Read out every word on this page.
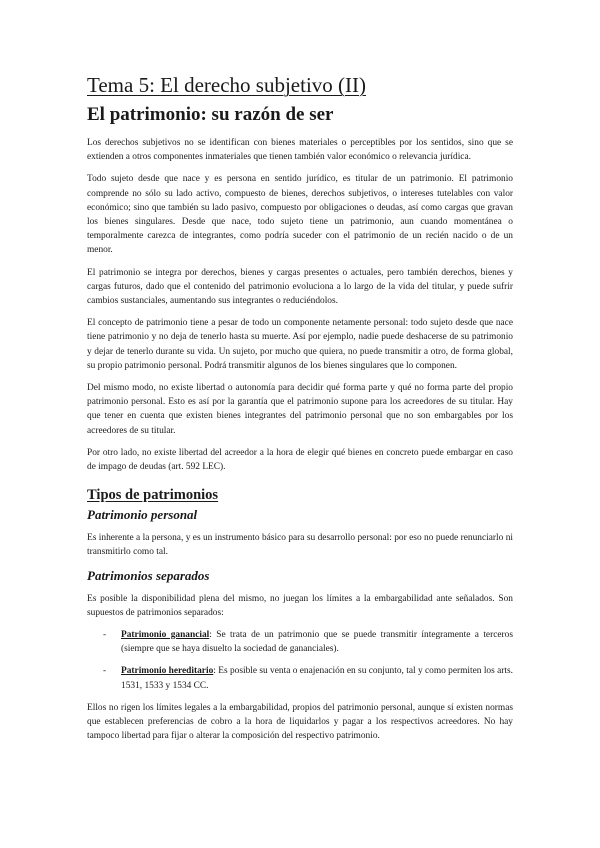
Tema 5: El derecho subjetivo (II)
El patrimonio: su razón de ser

Los derechos subjetivos no se identifican con bienes materiales o perceptibles por los sentidos, sino que se extienden a otros componentes inmateriales que tienen también valor económico o relevancia jurídica.

Todo sujeto desde que nace y es persona en sentido jurídico, es titular de un patrimonio. El patrimonio comprende no sólo su lado activo, compuesto de bienes, derechos subjetivos, o intereses tutelables con valor económico; sino que también su lado pasivo, compuesto por obligaciones o deudas, así como cargas que gravan los bienes singulares. Desde que nace, todo sujeto tiene un patrimonio, aun cuando momentánea o temporalmente carezca de integrantes, como podría suceder con el patrimonio de un recién nacido o de un menor.

El patrimonio se integra por derechos, bienes y cargas presentes o actuales, pero también derechos, bienes y cargas futuros, dado que el contenido del patrimonio evoluciona a lo largo de la vida del titular, y puede sufrir cambios sustanciales, aumentando sus integrantes o reduciéndolos.

El concepto de patrimonio tiene a pesar de todo un componente netamente personal: todo sujeto desde que nace tiene patrimonio y no deja de tenerlo hasta su muerte. Así por ejemplo, nadie puede deshacerse de su patrimonio y dejar de tenerlo durante su vida. Un sujeto, por mucho que quiera, no puede transmitir a otro, de forma global, su propio patrimonio personal. Podrá transmitir algunos de los bienes singulares que lo componen.

Del mismo modo, no existe libertad o autonomía para decidir qué forma parte y qué no forma parte del propio patrimonio personal. Esto es así por la garantía que el patrimonio supone para los acreedores de su titular. Hay que tener en cuenta que existen bienes integrantes del patrimonio personal que no son embargables por los acreedores de su titular.

Por otro lado, no existe libertad del acreedor a la hora de elegir qué bienes en concreto puede embargar en caso de impago de deudas (art. 592 LEC).

Tipos de patrimonios
Patrimonio personal

Es inherente a la persona, y es un instrumento básico para su desarrollo personal: por eso no puede renunciarlo ni transmitirlo como tal.

Patrimonios separados

Es posible la disponibilidad plena del mismo, no juegan los límites a la embargabilidad ante señalados. Son supuestos de patrimonios separados:

- Patrimonio ganancial: Se trata de un patrimonio que se puede transmitir íntegramente a terceros (siempre que se haya disuelto la sociedad de gananciales).
- Patrimonio hereditario: Es posible su venta o enajenación en su conjunto, tal y como permiten los arts. 1531, 1533 y 1534 CC.

Ellos no rigen los límites legales a la embargabilidad, propios del patrimonio personal, aunque sí existen normas que establecen preferencias de cobro a la hora de liquidarlos y pagar a los respectivos acreedores. No hay tampoco libertad para fijar o alterar la composición del respectivo patrimonio.
